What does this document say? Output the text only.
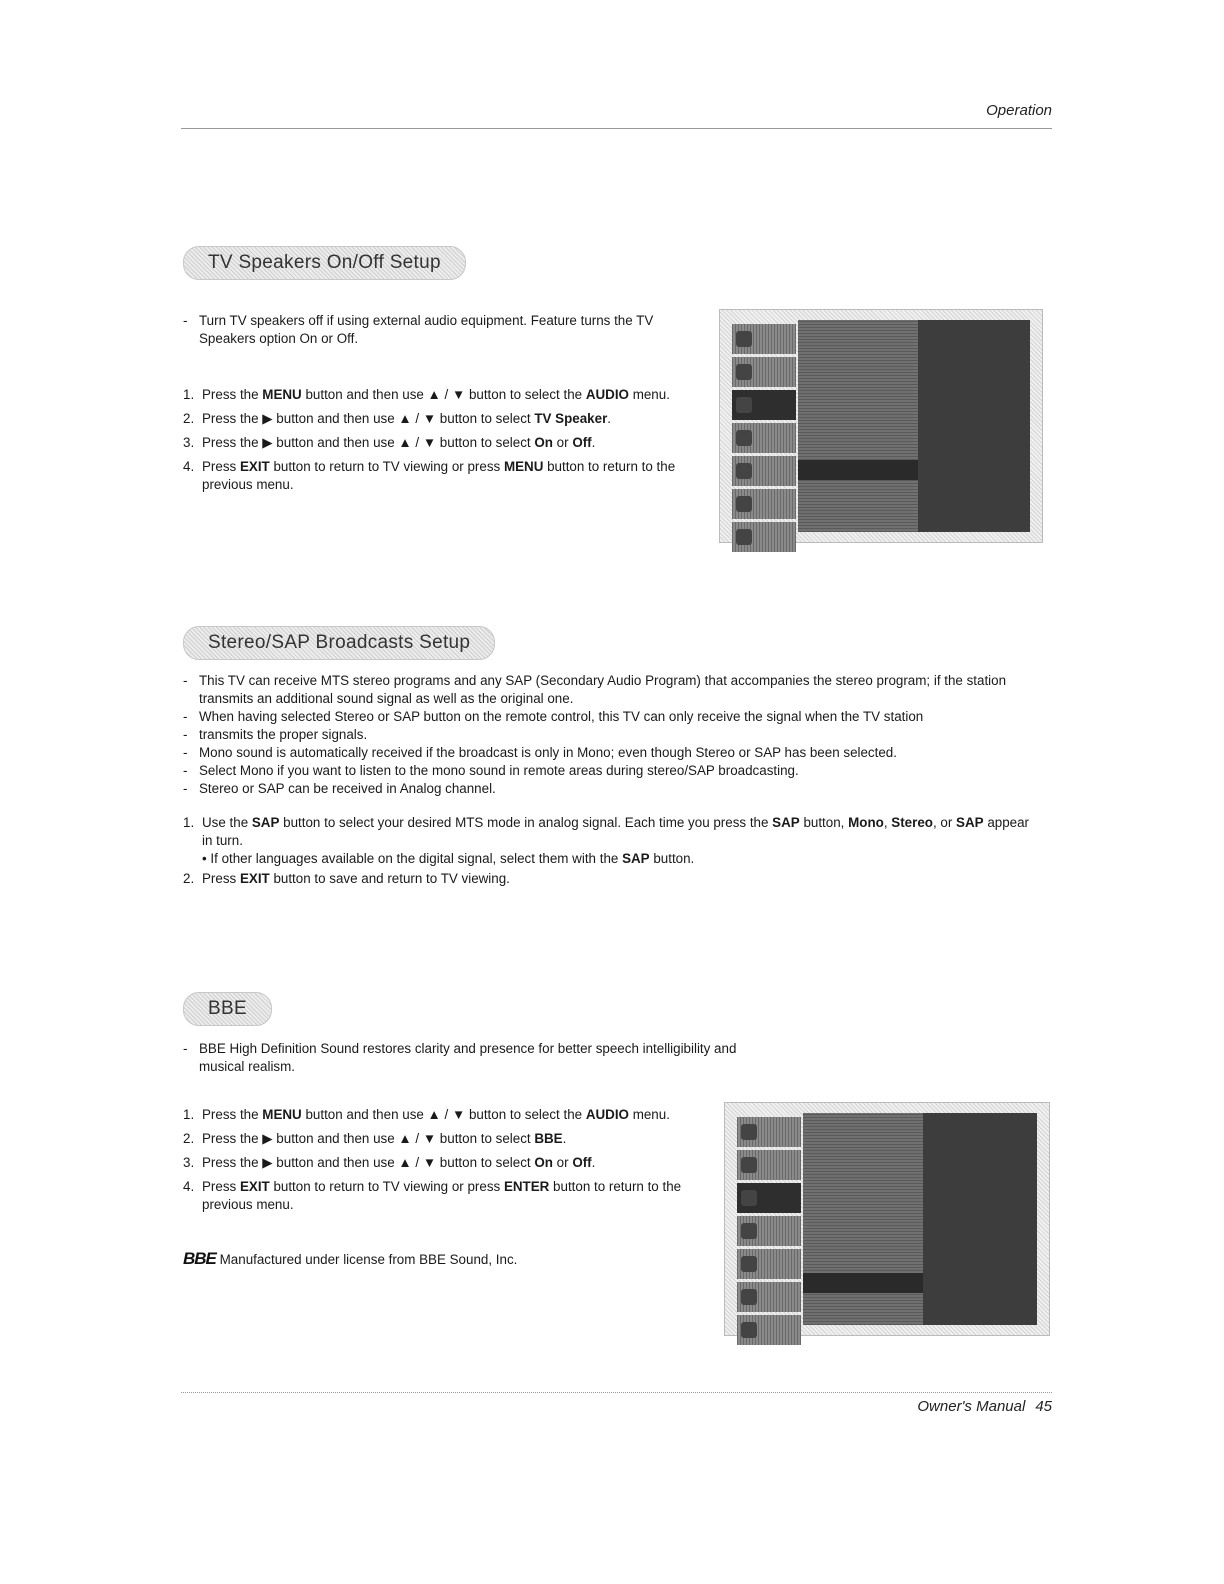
Operation
TV Speakers On/Off Setup
- Turn TV speakers off if using external audio equipment. Feature turns the TV Speakers option On or Off.
1. Press the MENU button and then use ▲ / ▼ button to select the AUDIO menu.
2. Press the ▶ button and then use ▲ / ▼ button to select TV Speaker.
3. Press the ▶ button and then use ▲ / ▼ button to select On or Off.
4. Press EXIT button to return to TV viewing or press MENU button to return to the previous menu.
Stereo/SAP Broadcasts Setup
- This TV can receive MTS stereo programs and any SAP (Secondary Audio Program) that accompanies the stereo program; if the station transmits an additional sound signal as well as the original one.
- When having selected Stereo or SAP button on the remote control, this TV can only receive the signal when the TV station
- transmits the proper signals.
- Mono sound is automatically received if the broadcast is only in Mono; even though Stereo or SAP has been selected.
- Select Mono if you want to listen to the mono sound in remote areas during stereo/SAP broadcasting.
- Stereo or SAP can be received in Analog channel.
1. Use the SAP button to select your desired MTS mode in analog signal. Each time you press the SAP button, Mono, Stereo, or SAP appear in turn.
• If other languages available on the digital signal, select them with the SAP button.
2. Press EXIT button to save and return to TV viewing.
BBE
- BBE High Definition Sound restores clarity and presence for better speech intelligibility and musical realism.
1. Press the MENU button and then use ▲ / ▼ button to select the AUDIO menu.
2. Press the ▶ button and then use ▲ / ▼ button to select BBE.
3. Press the ▶ button and then use ▲ / ▼ button to select On or Off.
4. Press EXIT button to return to TV viewing or press ENTER button to return to the previous menu.
BBE Manufactured under license from BBE Sound, Inc.
Owner's Manual 45
